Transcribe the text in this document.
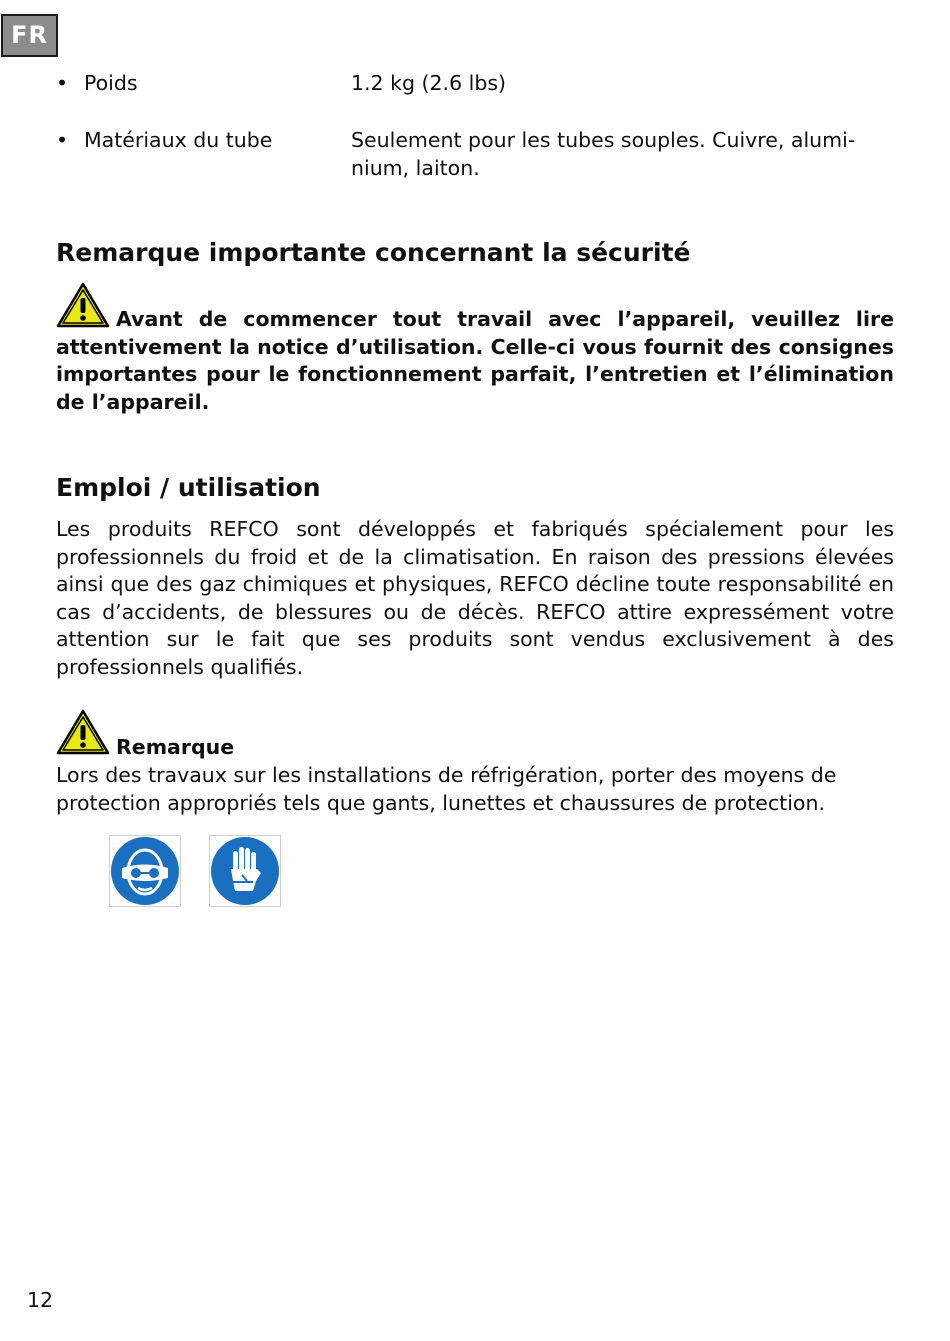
FR
• Poids	1.2 kg (2.6 lbs)
• Matériaux du tube	Seulement pour les tubes souples. Cuivre, alumi-nium, laiton.
Remarque importante concernant la sécurité

Avant de commencer tout travail avec l’appareil, veuillez lire attentivement la notice d’utilisation. Celle-ci vous fournit des consignes importantes pour le fonctionnement parfait, l’entretien et l’élimination de l’appareil.

Emploi / utilisation

Les produits REFCO sont développés et fabriqués spécialement pour les professionnels du froid et de la climatisation. En raison des pressions élevées ainsi que des gaz chimiques et physiques, REFCO décline toute responsabilité en cas d’accidents, de blessures ou de décès. REFCO attire expressément votre attention sur le fait que ses produits sont vendus exclusivement à des professionnels qualifiés.

Remarque

Lors des travaux sur les installations de réfrigération, porter des moyens de protection appropriés tels que gants, lunettes et chaussures de protection.

12
